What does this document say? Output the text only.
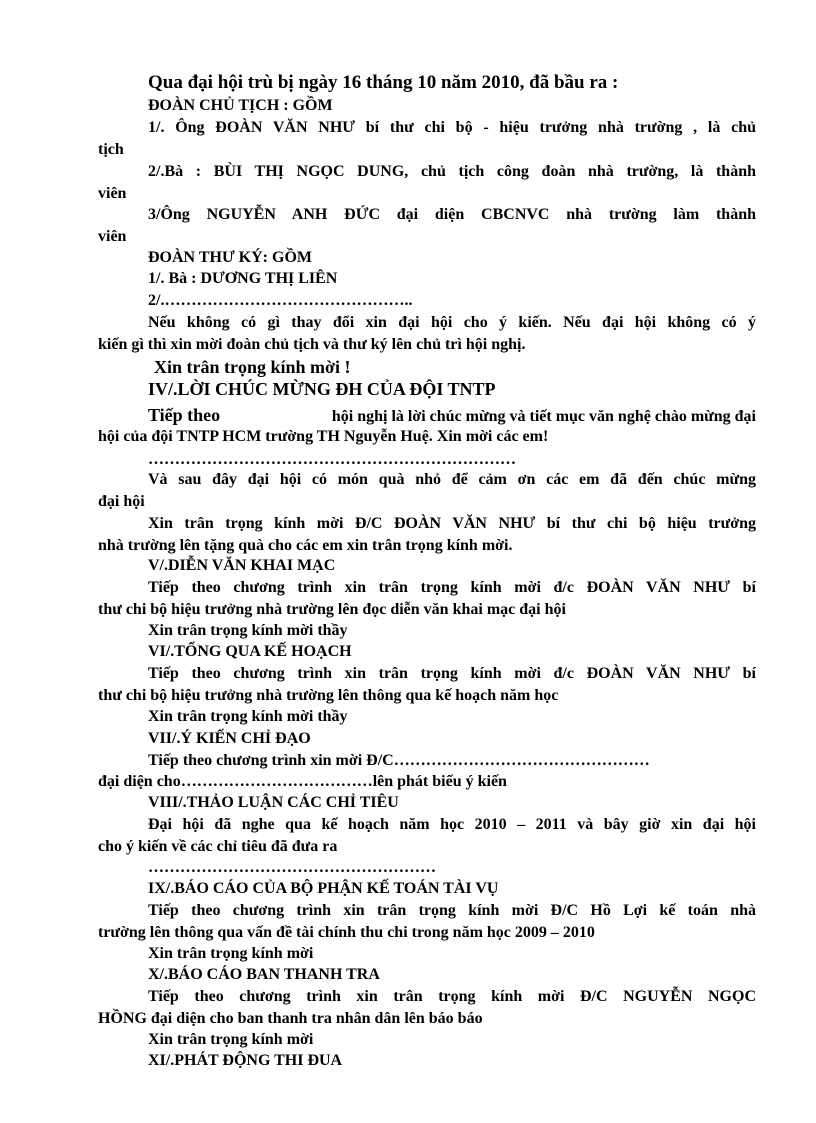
Qua đại hội trù bị ngày 16 tháng 10 năm 2010, đã bầu ra :
ĐOÀN CHỦ TỊCH : GỒM
1/. Ông ĐOÀN VĂN NHƯ bí thư chi bộ - hiệu trưởng nhà trường , là chủ
tịch
2/.Bà : BÙI THỊ NGỌC DUNG, chủ tịch công đoàn nhà trường, là thành
viên
3/Ông NGUYỄN ANH ĐỨC đại diện CBCNVC nhà trường làm thành
viên
ĐOÀN THƯ KÝ: GỒM
1/. Bà : DƯƠNG THỊ LIÊN
2/.………………………………………..
Nếu không có gì thay đổi xin đại hội cho ý kiến. Nếu đại hội không có ý
kiến gì thì xin mời đoàn chủ tịch và thư ký lên chủ trì hội nghị.
Xin trân trọng kính mời !
IV/.LỜI CHÚC MỪNG ĐH CỦA ĐỘI TNTP
Tiếp theo	hội nghị là lời chúc mừng và tiết mục văn nghệ chào mừng đại
hội của đội TNTP HCM trường TH Nguyễn Huệ. Xin mời các em!
……………………………………………………………
Và sau đây đại hội có món quà nhỏ để cảm ơn các em đã đến chúc mừng
đại hội
Xin trân trọng kính mời Đ/C ĐOÀN VĂN NHƯ bí thư chi bộ hiệu trưởng
nhà trường lên tặng quà cho các em xin trân trọng kính mời.
V/.DIỄN VĂN KHAI MẠC
Tiếp theo chương trình xin trân trọng kính mời đ/c ĐOÀN VĂN NHƯ bí
thư chi bộ hiệu trưởng nhà trường lên đọc diễn văn khai mạc đại hội
Xin trân trọng kính mời thầy
VI/.TỔNG QUA KẾ HOẠCH
Tiếp theo chương trình xin trân trọng kính mời đ/c ĐOÀN VĂN NHƯ bí
thư chi bộ hiệu trưởng nhà trường lên thông qua kế hoạch năm học
Xin trân trọng kính mời thầy
VII/.Ý KIẾN CHỈ ĐẠO
Tiếp theo chương trình xin mời Đ/C…………………………………………
đại diện cho………………………………lên phát biểu ý kiến
VIII/.THẢO LUẬN CÁC CHỈ TIÊU
Đại hội đã nghe qua kế hoạch năm học 2010 – 2011 và bây giờ xin đại hội
cho ý kiến về các chỉ tiêu đã đưa ra
………………………………………………
IX/.BÁO CÁO CỦA BỘ PHẬN KẾ TOÁN TÀI VỤ
Tiếp theo chương trình xin trân trọng kính mời Đ/C Hồ Lợi kế toán nhà
trường lên thông qua vấn đề tài chính thu chi trong năm học 2009 – 2010
Xin trân trọng kính mời
X/.BÁO CÁO BAN THANH TRA
Tiếp theo chương trình xin trân trọng kính mời Đ/C NGUYỄN NGỌC
HỒNG đại diện cho ban thanh tra nhân dân lên báo báo
Xin trân trọng kính mời
XI/.PHÁT ĐỘNG THI ĐUA
